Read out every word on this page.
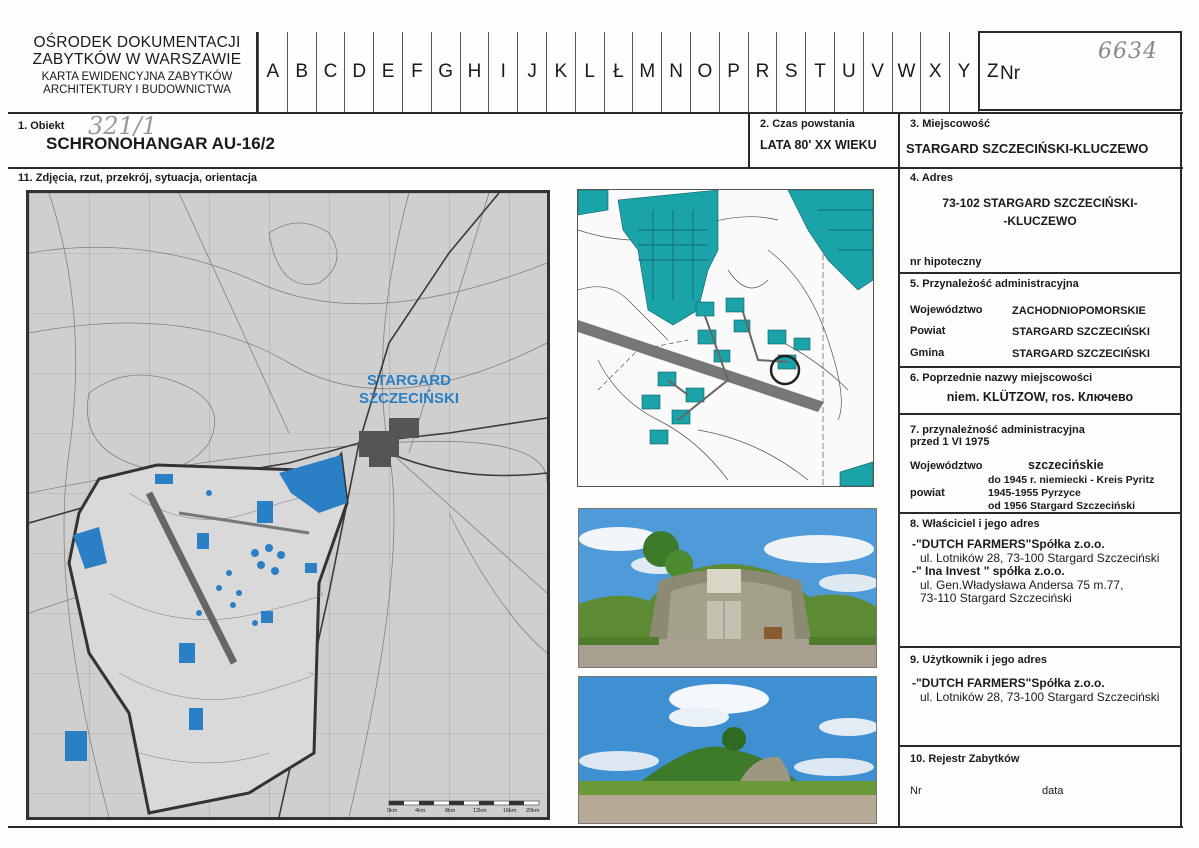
OŚRODEK DOKUMENTACJI
ZABYTKÓW W WARSZAWIE
KARTA EWIDENCYJNA ZABYTKÓW
ARCHITEKTURY I BUDOWNICTWA
A B C D E F G H	I	J K L Ł M N O P R S T U V W X Y Z Nr
6634
1. Obiekt 321/1
SCHRONOHANGAR AU-16/2
2. Czas powstania
LATA 80' XX WIEKU
3. Miejscowość
STARGARD SZCZECIŃSKI-KLUCZEWO
11. Zdjęcia, rzut, przekrój, sytuacja, orientacja
STARGARD
SZCZECIŃSKI
0km	4km	8km	12km	16km 20km
4. Adres
73-102 STARGARD SZCZECIŃSKI-
-KLUCZEWO
nr hipoteczny
5. Przynależość administracyjna
Województwo	ZACHODNIOPOMORSKIE
Powiat	STARGARD SZCZECIŃSKI
Gmina	STARGARD SZCZECIŃSKI
6. Poprzednie nazwy miejscowości
niem. KLÜTZOW, ros. Ключево
7. przynależność administracyjna
przed 1 VI 1975
Województwo	szczecińskie
powiat
do 1945 r. niemiecki - Kreis Pyritz
1945-1955 Pyrzyce
od 1956 Stargard Szczeciński
8. Właściciel i jego adres
-"DUTCH FARMERS"Spółka z.o.o.
ul. Lotników 28, 73-100 Stargard Szczeciński
-" Ina Invest " spółka z.o.o.
ul. Gen.Władysława Andersa 75 m.77,
73-110 Stargard Szczeciński
9. Użytkownik i jego adres
-"DUTCH FARMERS"Spółka z.o.o.
ul. Lotników 28, 73-100 Stargard Szczeciński
10. Rejestr Zabytków
Nr	data
